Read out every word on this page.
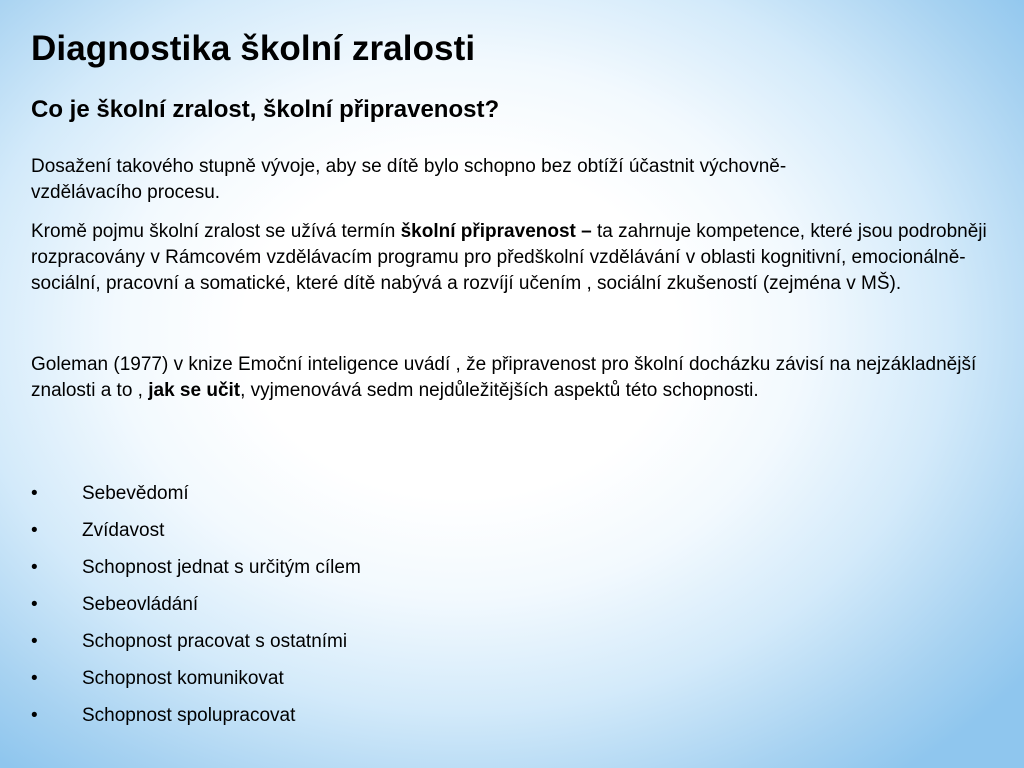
Diagnostika školní zralosti
Co je školní zralost, školní připravenost?

Dosažení takového stupně vývoje, aby se dítě bylo schopno bez obtíží účastnit výchovně-vzdělávacího procesu.

Kromě pojmu školní zralost se užívá termín školní připravenost – ta zahrnuje kompetence, které jsou podrobněji rozpracovány v Rámcovém vzdělávacím programu pro předškolní vzdělávání v oblasti kognitivní, emocionálně-sociální, pracovní a somatické, které dítě nabývá a rozvíjí učením , sociální zkušeností (zejména v MŠ).

Goleman (1977) v knize Emoční inteligence uvádí , že připravenost pro školní docházku závisí na nejzákladnější znalosti a to , jak se učit, vyjmenovává sedm nejdůležitějších aspektů této schopnosti.

• Sebevědomí
• Zvídavost
• Schopnost jednat s určitým cílem
• Sebeovládání
• Schopnost pracovat s ostatními
• Schopnost komunikovat
• Schopnost spolupracovat
